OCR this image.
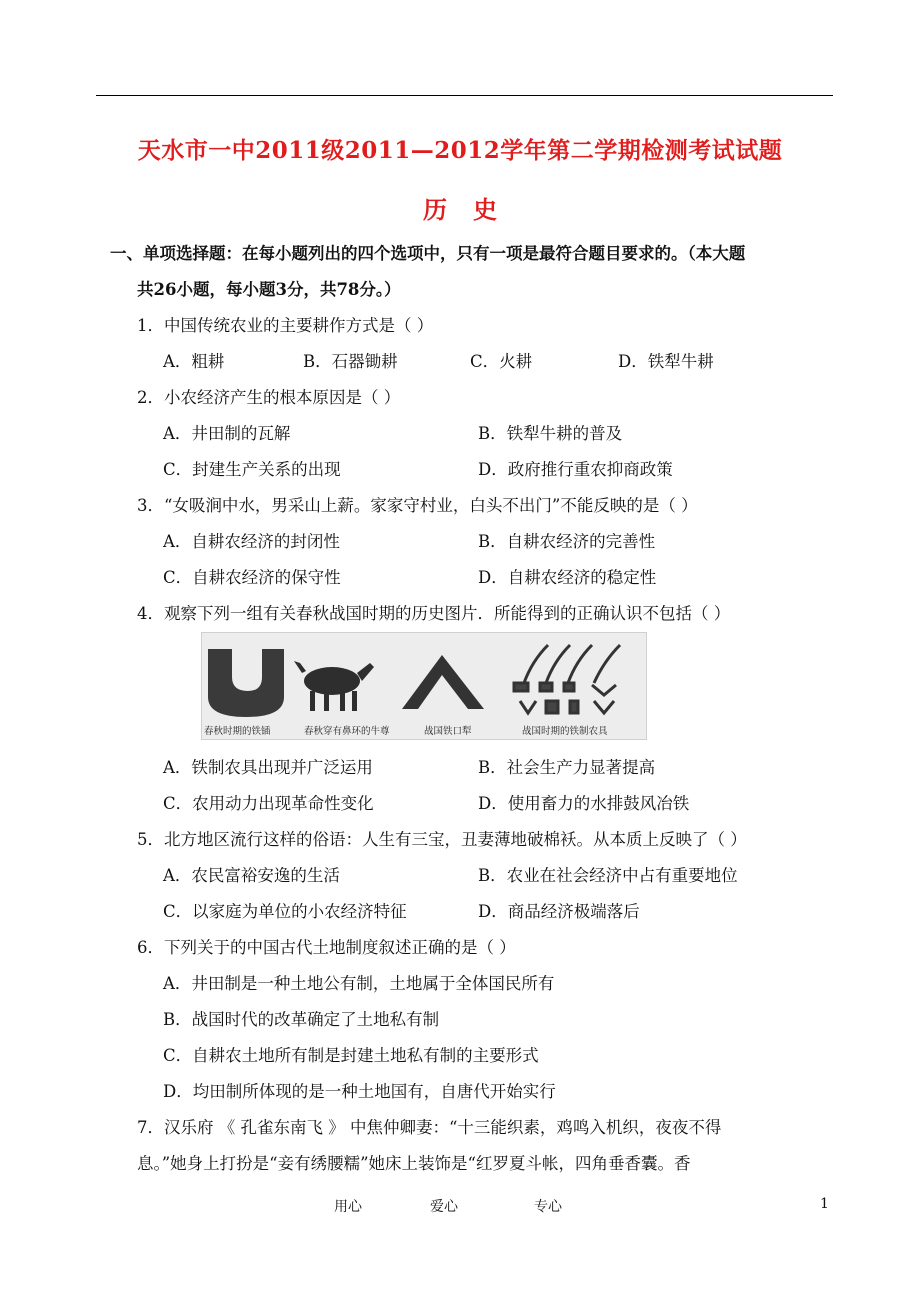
天水市一中2011级2011—2012学年第二学期检测考试试题
历史
一、单项选择题：在每小题列出的四个选项中，只有一项是最符合题目要求的。（本大题
共26小题，每小题3分，共78分。）
1．中国传统农业的主要耕作方式是（ ）
A．粗耕	B．石器锄耕	C．火耕	D．铁犁牛耕
2．小农经济产生的根本原因是（ ）
A．井田制的瓦解	B．铁犁牛耕的普及
C．封建生产关系的出现	D．政府推行重农抑商政策
3．“女吸涧中水，男采山上薪。家家守村业，白头不出门”不能反映的是（ ）
A．自耕农经济的封闭性	B．自耕农经济的完善性
C．自耕农经济的保守性	D．自耕农经济的稳定性
4．观察下列一组有关春秋战国时期的历史图片．所能得到的正确认识不包括（ ）
春秋时期的铁锸	春秋穿有鼻环的牛尊	战国铁口犁	战国时期的铁制农具
A．铁制农具出现并广泛运用	B．社会生产力显著提高
C．农用动力出现革命性变化	D．使用畜力的水排鼓风冶铁
5．北方地区流行这样的俗语：人生有三宝，丑妻薄地破棉袄。从本质上反映了（ ）
A．农民富裕安逸的生活	B．农业在社会经济中占有重要地位
C．以家庭为单位的小农经济特征	D．商品经济极端落后
6．下列关于的中国古代土地制度叙述正确的是（ ）
A．井田制是一种土地公有制，土地属于全体国民所有
B．战国时代的改革确定了土地私有制
C．自耕农土地所有制是封建土地私有制的主要形式
D．均田制所体现的是一种土地国有，自唐代开始实行
7．汉乐府 《 孔雀东南飞 》 中焦仲卿妻：“十三能织素，鸡鸣入机织，夜夜不得
息。”她身上打扮是“妾有绣腰糯”她床上装饰是“红罗夏斗帐，四角垂香囊。香
用心	爱心	专心	1
